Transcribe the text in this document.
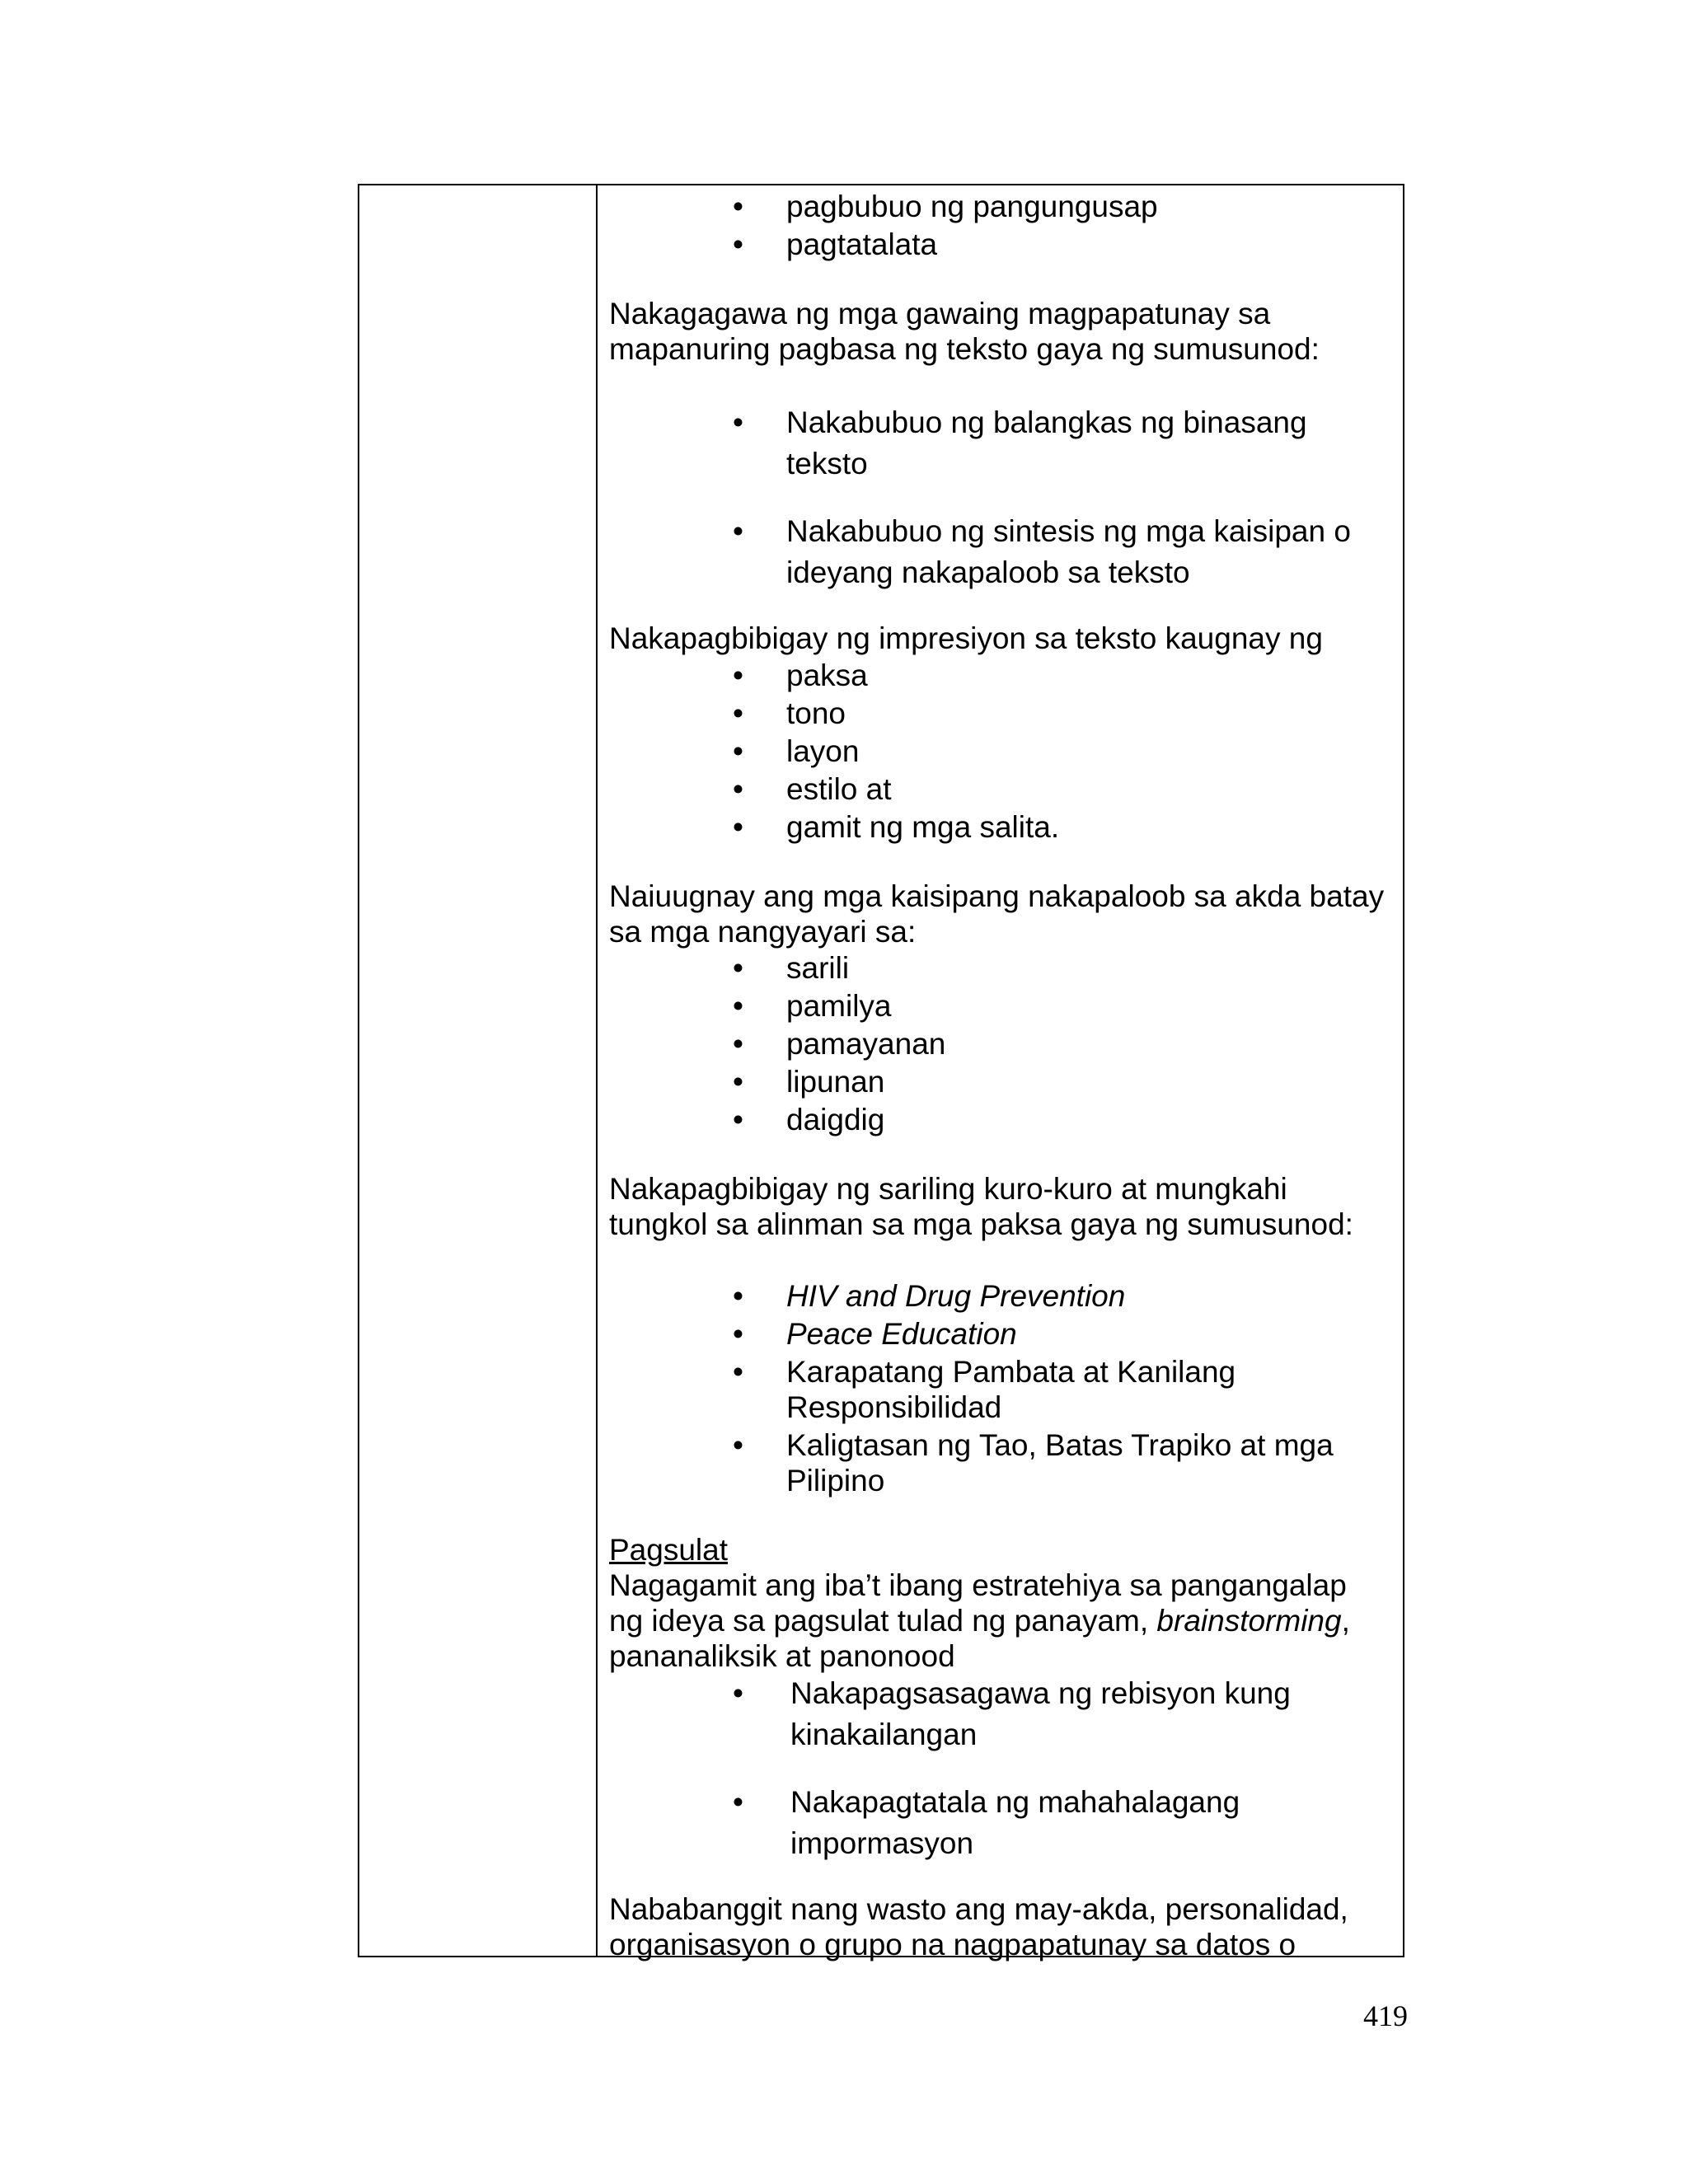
• pagbubuo ng pangungusap
• pagtatalata
Nakagagawa ng mga gawaing magpapatunay sa
mapanuring pagbasa ng teksto gaya ng sumusunod:
• Nakabubuo ng balangkas ng binasang
teksto
• Nakabubuo ng sintesis ng mga kaisipan o
ideyang nakapaloob sa teksto
Nakapagbibigay ng impresiyon sa teksto kaugnay ng
• paksa
• tono
• layon
• estilo at
• gamit ng mga salita.
Naiuugnay ang mga kaisipang nakapaloob sa akda batay
sa mga nangyayari sa:
• sarili
• pamilya
• pamayanan
• lipunan
• daigdig
Nakapagbibigay ng sariling kuro-kuro at mungkahi
tungkol sa alinman sa mga paksa gaya ng sumusunod:
• HIV and Drug Prevention
• Peace Education
• Karapatang Pambata at Kanilang
Responsibilidad
• Kaligtasan ng Tao, Batas Trapiko at mga
Pilipino
Pagsulat
Nagagamit ang iba’t ibang estratehiya sa pangangalap
ng ideya sa pagsulat tulad ng panayam, brainstorming,
pananaliksik at panonood
• Nakapagsasagawa ng rebisyon kung
kinakailangan
• Nakapagtatala ng mahahalagang
impormasyon
Nababanggit nang wasto ang may-akda, personalidad,
organisasyon o grupo na nagpapatunay sa datos o
419
